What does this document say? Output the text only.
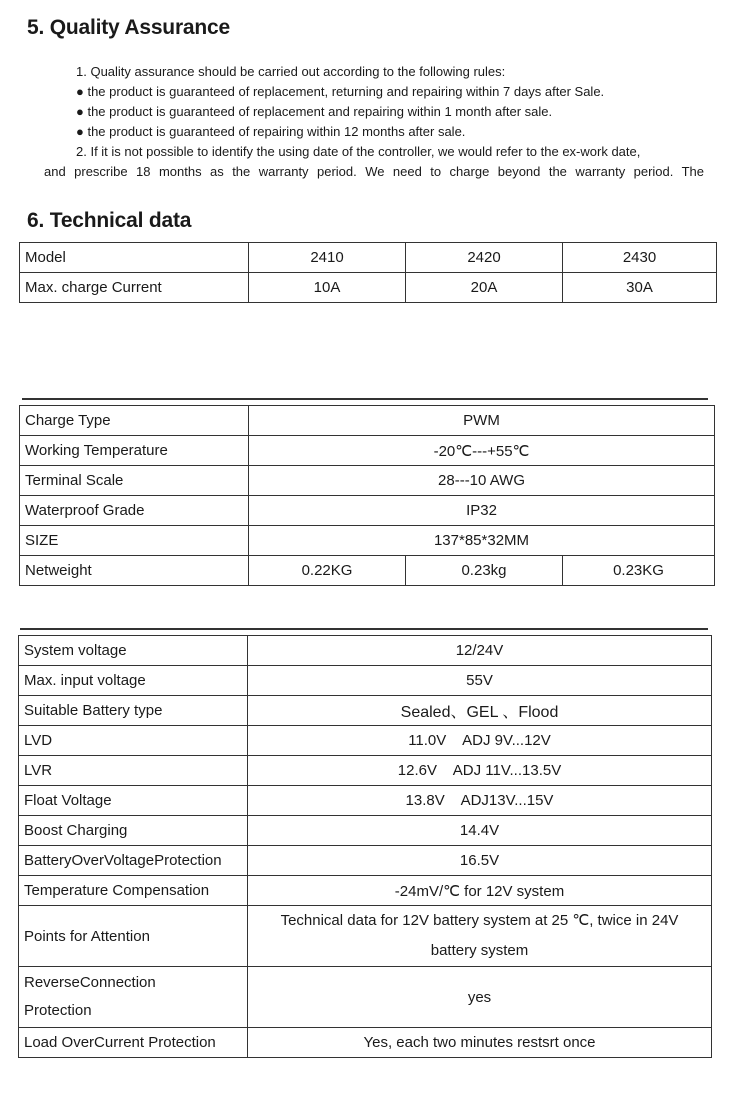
5. Quality Assurance

1. Quality assurance should be carried out according to the following rules:

● the product is guaranteed of replacement, returning and repairing within 7 days after Sale.

● the product is guaranteed of replacement and repairing within 1 month after sale.

● the product is guaranteed of repairing within 12 months after sale.

2. If it is not possible to identify the using date of the controller, we would refer to the ex-work date,

and prescribe 18 months as the warranty period. We need to charge beyond the warranty period. The

6. Technical data
Model	2410	2420	2430
Max. charge Current	10A	20A	30A
Charge Type	PWM		
Working Temperature	-20℃---+55℃		
Terminal Scale	28---10 AWG		
Waterproof Grade	IP32		
SIZE	137*85*32MM		
Netweight	0.22KG	0.23kg	0.23KG
System voltage	12/24V
Max. input voltage	55V
Suitable Battery type	Sealed、GEL 、Flood
LVD	11.0V    ADJ 9V...12V
LVR	12.6V    ADJ 11V...13.5V
Float Voltage	13.8V    ADJ13V...15V
Boost Charging	14.4V
BatteryOverVoltageProtection	16.5V
Temperature Compensation	-24mV/℃ for 12V system
Points for Attention	Technical data for 12V battery system at 25 ℃, twice in 24V battery system
ReverseConnection Protection	yes
Load OverCurrent Protection	Yes, each two minutes restsrt once
